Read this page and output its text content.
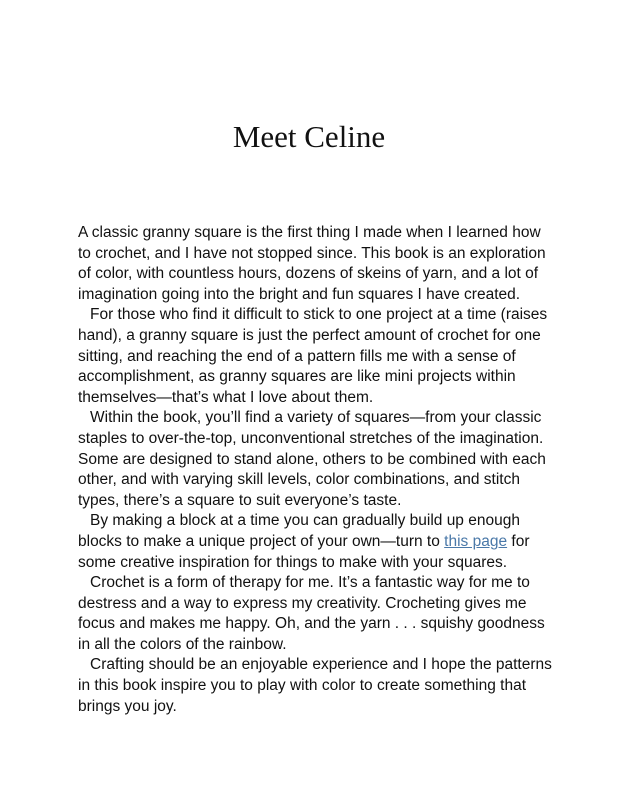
Meet Celine
A classic granny square is the first thing I made when I learned how
to crochet, and I have not stopped since. This book is an exploration
of color, with countless hours, dozens of skeins of yarn, and a lot of
imagination going into the bright and fun squares I have created.
For those who find it difficult to stick to one project at a time (raises
hand), a granny square is just the perfect amount of crochet for one
sitting, and reaching the end of a pattern fills me with a sense of
accomplishment, as granny squares are like mini projects within
themselves—that’s what I love about them.
Within the book, you’ll find a variety of squares—from your classic
staples to over-the-top, unconventional stretches of the imagination.
Some are designed to stand alone, others to be combined with each
other, and with varying skill levels, color combinations, and stitch
types, there’s a square to suit everyone’s taste.
By making a block at a time you can gradually build up enough
blocks to make a unique project of your own—turn to this page for
some creative inspiration for things to make with your squares.
Crochet is a form of therapy for me. It’s a fantastic way for me to
destress and a way to express my creativity. Crocheting gives me
focus and makes me happy. Oh, and the yarn . . . squishy goodness
in all the colors of the rainbow.
Crafting should be an enjoyable experience and I hope the patterns
in this book inspire you to play with color to create something that
brings you joy.
